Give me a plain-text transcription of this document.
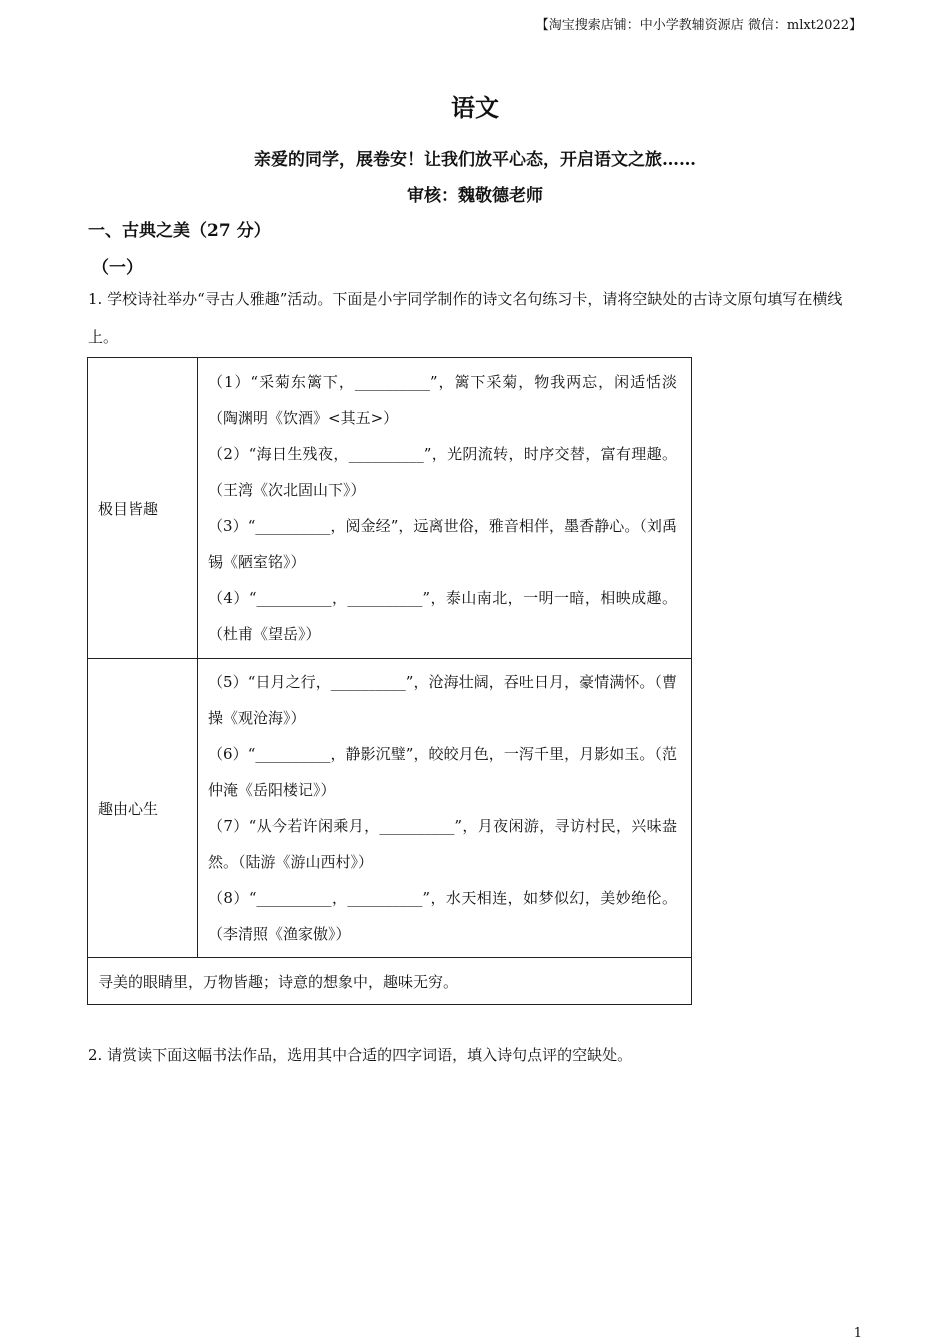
【淘宝搜索店铺：中小学教辅资源店 微信：mlxt2022】
语文
亲爱的同学，展卷安！让我们放平心态，开启语文之旅……
审核：魏敬德老师
一、古典之美（27 分）
（一）
1. 学校诗社举办“寻古人雅趣”活动。下面是小宇同学制作的诗文名句练习卡，请将空缺处的古诗文原句填写在横线上。
极目皆趣	（1）“采菊东篱下，__________”，篱下采菊，物我两忘，闲适恬淡　（陶渊明《饮酒》<其五>）
（2）“海日生残夜，__________”，光阴流转，时序交替，富有理趣。（王湾《次北固山下》）
（3）“__________，阅金经”，远离世俗，雅音相伴，墨香静心。（刘禹锡《陋室铭》）
（4）“__________，__________”，泰山南北，一明一暗，相映成趣。（杜甫《望岳》）

趣由心生	（5）“日月之行，__________”，沧海壮阔，吞吐日月，豪情满怀。（曹操《观沧海》）
（6）“__________，静影沉璧”，皎皎月色，一泻千里，月影如玉。（范仲淹《岳阳楼记》）
（7）“从今若许闲乘月，__________”，月夜闲游，寻访村民，兴味盎然。（陆游《游山西村》）
（8）“__________，__________”，水天相连，如梦似幻，美妙绝伦。（李清照《渔家傲》）

寻美的眼睛里，万物皆趣；诗意的想象中，趣味无穷。	
2. 请赏读下面这幅书法作品，选用其中合适的四字词语，填入诗句点评的空缺处。
1
